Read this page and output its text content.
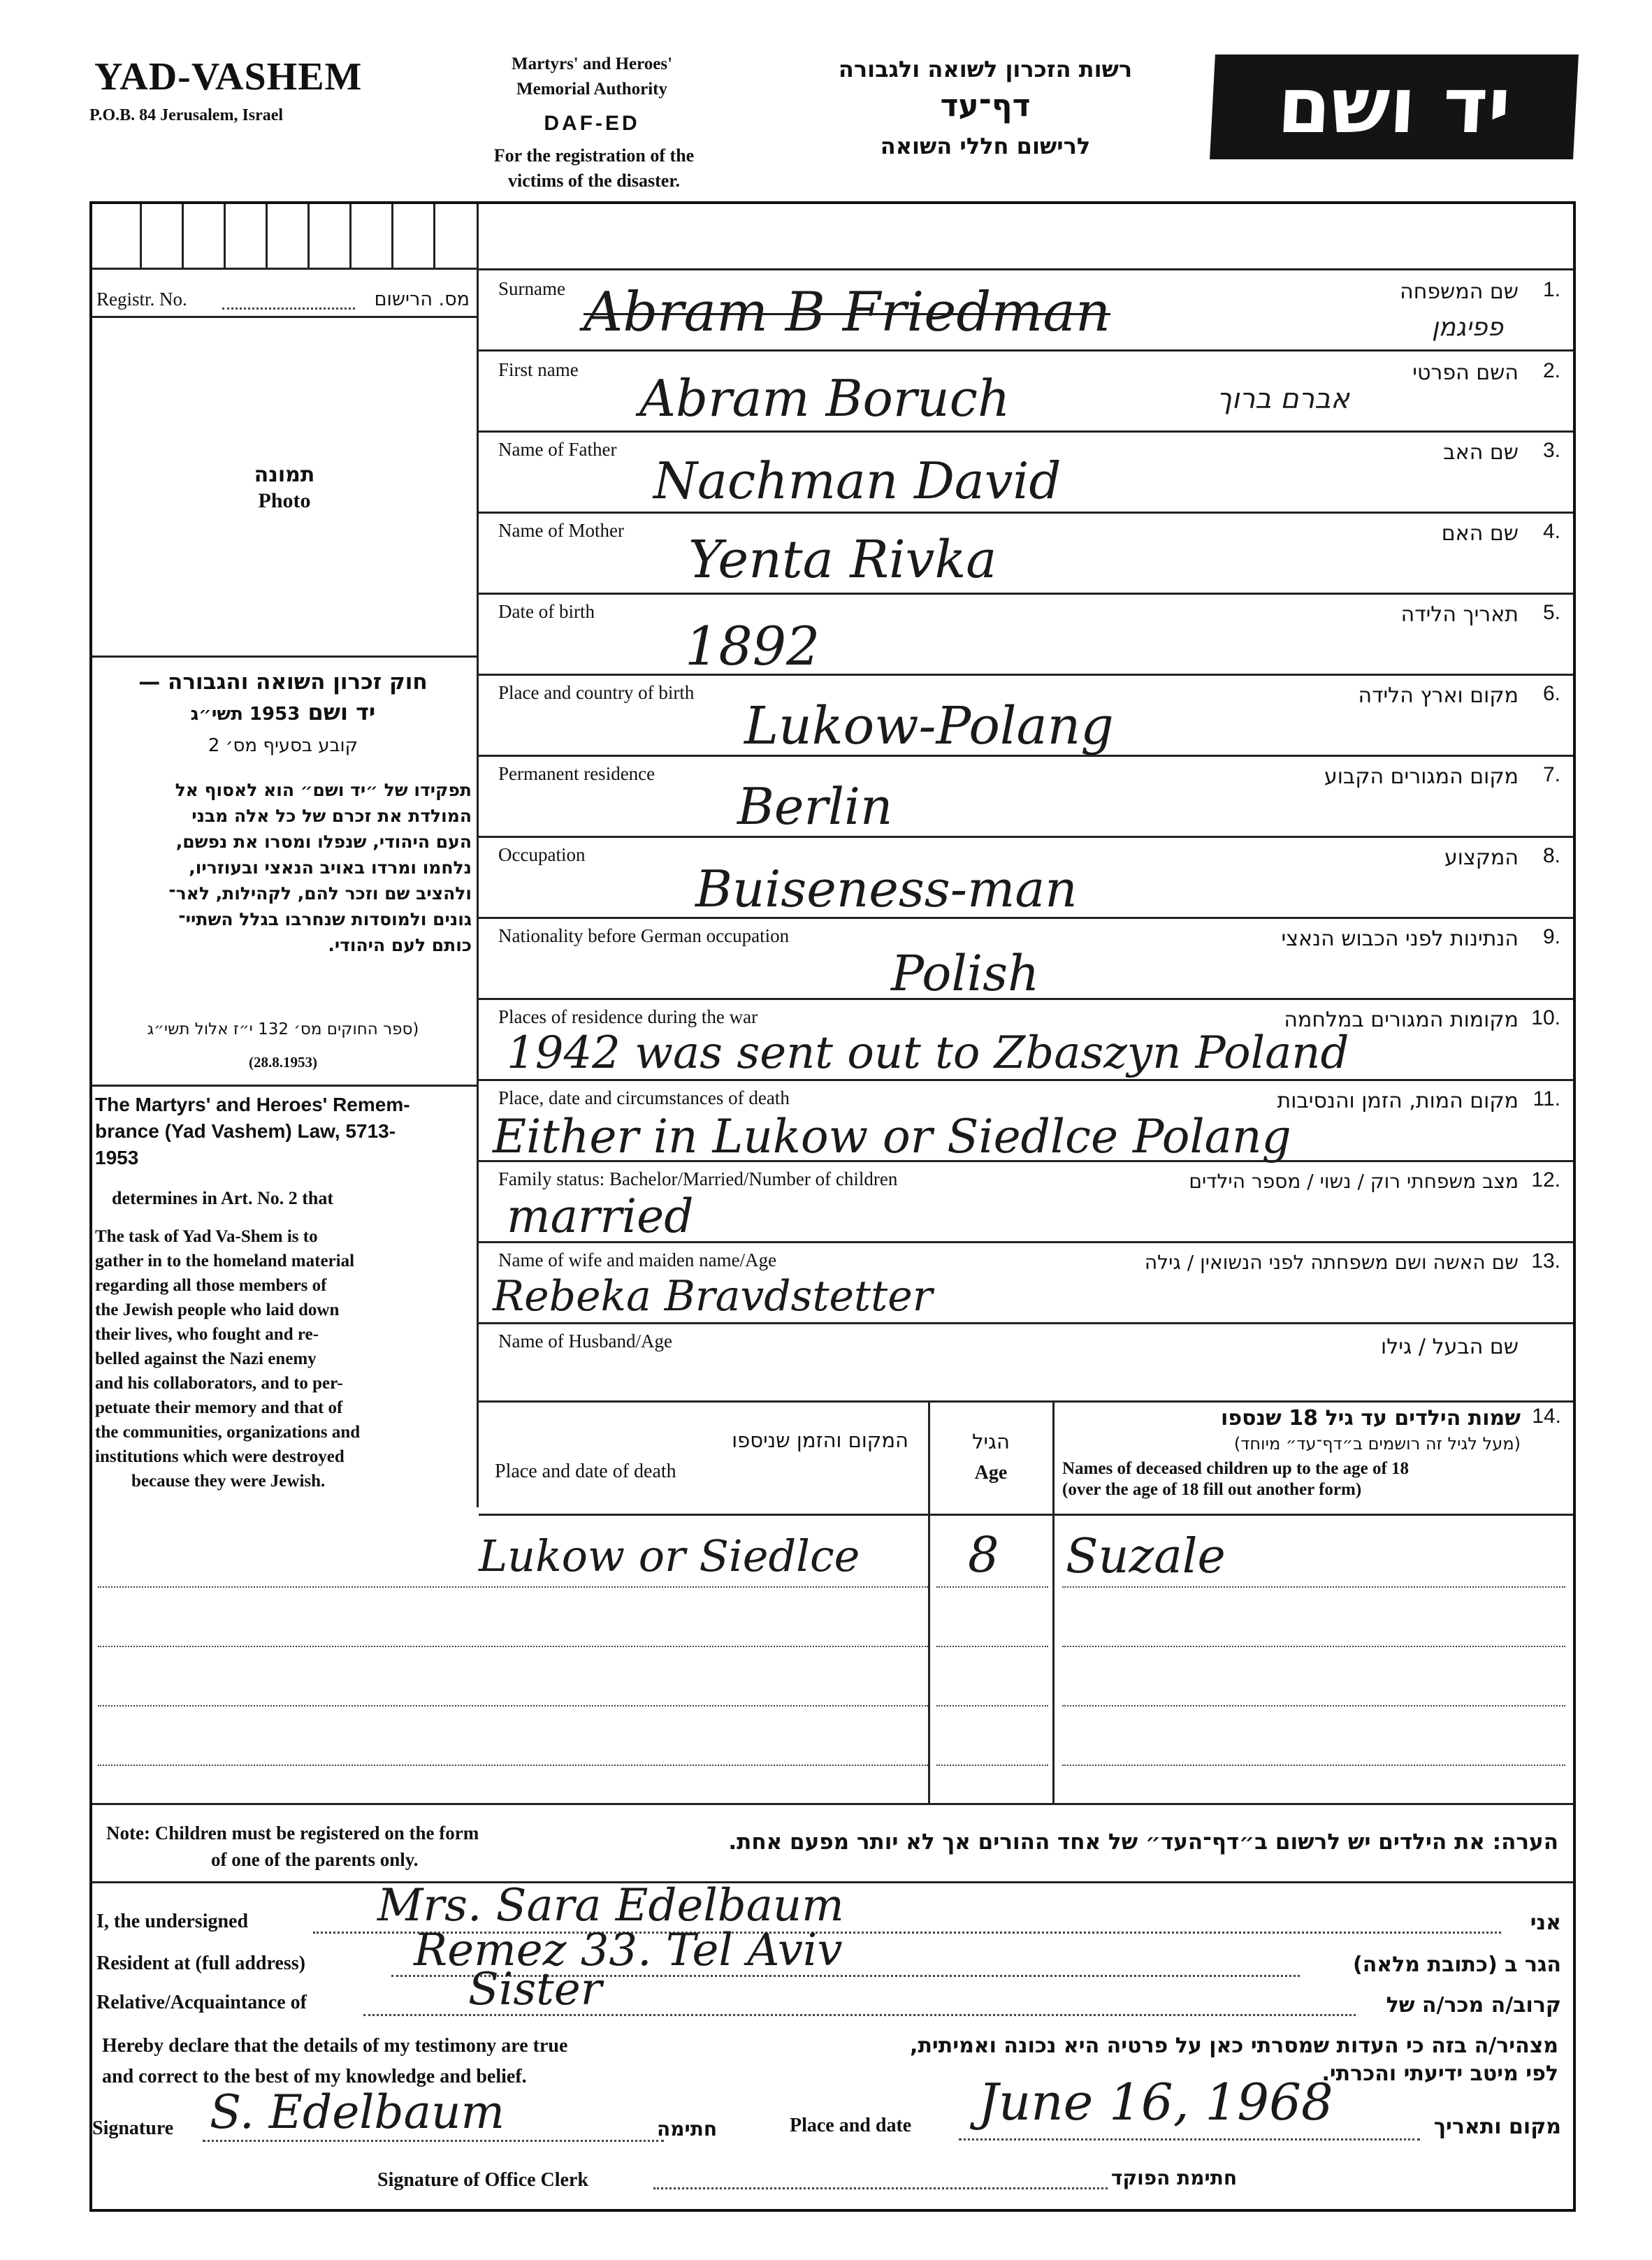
YAD-VASHEM
P.O.B. 84 Jerusalem, Israel
Martyrs' and Heroes'
Memorial Authority
DAF-ED
For the registration of the
victims of the disaster.
רשות הזכרון לשואה ולגבורה
דף־עד
לרישום חללי השואה	יד ושם
Registr. No.	מס. הרישום
תמונה
Photo
חוק זכרון השואה והגבורה —
יד ושם 1953 תשי״ג
קובע בסעיף מס׳ 2
תפקידו של ״יד ושם״ הוא לאסוף אל
המולדת את זכרם של כל אלה מבני
העם היהודי, שנפלו ומסרו את נפשם,
נלחמו ומרדו באויב הנאצי ובעוזריו,
ולהציב שם וזכר להם, לקהילות, לאר־
גונים ולמוסדות שנחרבו בגלל השתיי־
כותם לעם היהודי.
(ספר החוקים מס׳ 132 י״ז אלול תשי״ג
(28.8.1953)
The Martyrs' and Heroes' Remem-
brance (Yad Vashem) Law, 5713-
1953
determines in Art. No. 2 that
The task of Yad Va-Shem is to
gather in to the homeland material
regarding all those members of
the Jewish people who laid down
their lives, who fought and re-
belled against the Nazi enemy
and his collaborators, and to per-
petuate their memory and that of
the communities, organizations and
institutions which were destroyed
because they were Jewish.
Surname Abram B Friedman	שם המשפחה 1.
פפיגמן
First name Abram Boruch	השם הפרטי 2.
אברם ברוך
Name of Father
Nachman David	שם האב 3.
Name of Mother Yenta Rivka	שם האם 4.
Date of birth
1892
תאריך הלידה 5.
Place and country of birth
Lukow-Polang
מקום וארץ הלידה 6.
Permanent residence
Berlin
מקום המגורים הקבוע 7.
Occupation
Buiseness-man
המקצוע 8.
Nationality before German occupation
Polish
הנתינות לפני הכבוש הנאצי 9.
Places of residence during the war
1942 was sent out to Zbaszyn Poland
מקומות המגורים במלחמה 10.
Place, date and circumstances of death
Either in Lukow or Siedlce Polang
מקום המות, הזמן והנסיבות 11.
Family status: Bachelor/Married/Number of children
married
מצב משפחתי רוק / נשוי / מספר הילדים 12.
Name of wife and maiden name/Age
Rebeka Bravdstetter
שם האשה ושם משפחתה לפני הנשואין / גילה 13.
Name of Husband/Age	שם הבעל / גילו
המקום והזמן שניספו
Place and date of death
הגיל
Age
שמות הילדים עד גיל 18 שנספו 14.
(מעל לגיל זה רושמים ב״דף־עד״ מיוחד)
Names of deceased children up to the age of 18
(over the age of 18 fill out another form)
Lukow or Siedlce 8 Suzale
Note: Children must be registered on the form
of one of the parents only.
הערה: את הילדים יש לרשום ב״דף־העד״ של אחד ההורים אך לא יותר מפעם אחת.
I, the undersigned	Mrs. Sara Edelbaum	אני
Resident at (full address) Remez 33. Tel Aviv	הגר ב (כתובת מלאה)
Relative/Acquaintance of	Sister	קרוב/ה מכר/ה של
Hereby declare that the details of my testimony are true
and correct to the best of my knowledge and belief.
מצהיר/ה בזה כי העדות שמסרתי כאן על פרטיה היא נכונה ואמיתית,
לפי מיטב ידיעתי והכרתי.
Signature S. Edelbaum	חתימה	Place and date June 16, 1968	מקום ותאריך
Signature of Office Clerk	חתימת הפוקד
